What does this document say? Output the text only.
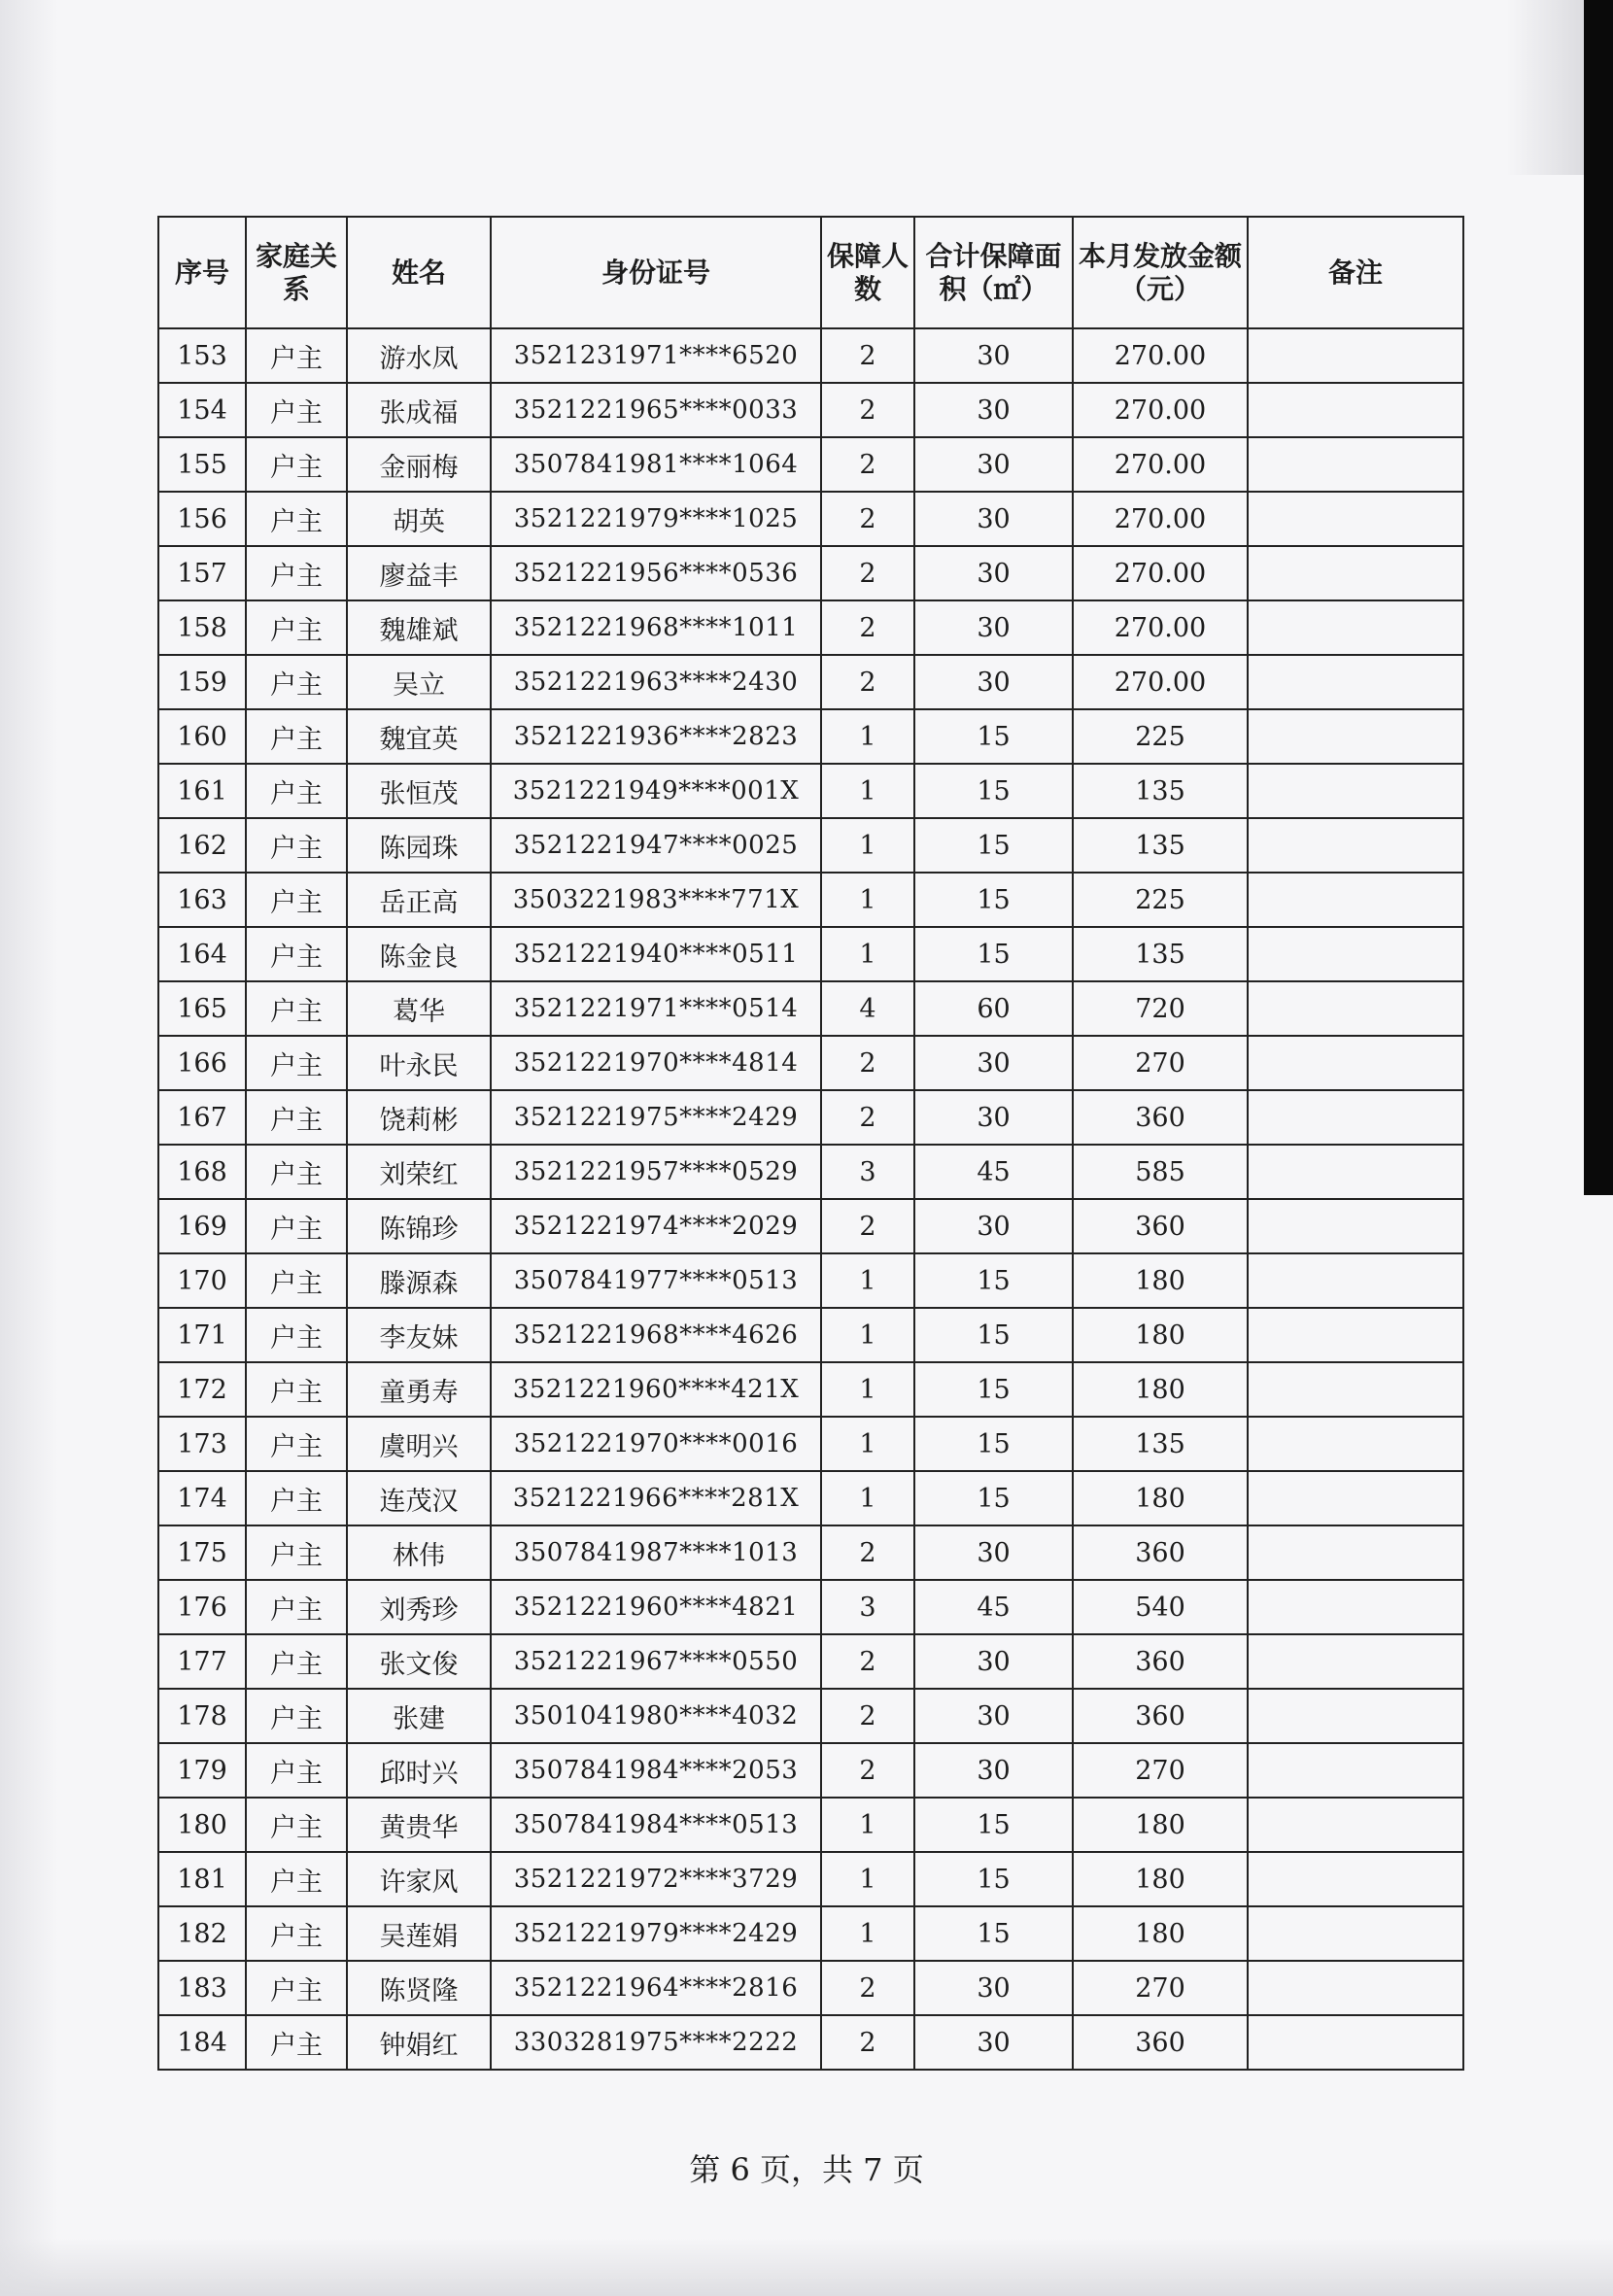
序号	家庭关系	姓名	身份证号	保障人数	合计保障面积（㎡）	本月发放金额（元）	备注
153	户主	游水凤	3521231971****6520	2	30	270.00	
154	户主	张成福	3521221965****0033	2	30	270.00	
155	户主	金丽梅	3507841981****1064	2	30	270.00	
156	户主	胡英	3521221979****1025	2	30	270.00	
157	户主	廖益丰	3521221956****0536	2	30	270.00	
158	户主	魏雄斌	3521221968****1011	2	30	270.00	
159	户主	吴立	3521221963****2430	2	30	270.00	
160	户主	魏宜英	3521221936****2823	1	15	225	
161	户主	张恒茂	3521221949****001X	1	15	135	
162	户主	陈园珠	3521221947****0025	1	15	135	
163	户主	岳正高	3503221983****771X	1	15	225	
164	户主	陈金良	3521221940****0511	1	15	135	
165	户主	葛华	3521221971****0514	4	60	720	
166	户主	叶永民	3521221970****4814	2	30	270	
167	户主	饶莉彬	3521221975****2429	2	30	360	
168	户主	刘荣红	3521221957****0529	3	45	585	
169	户主	陈锦珍	3521221974****2029	2	30	360	
170	户主	滕源森	3507841977****0513	1	15	180	
171	户主	李友妹	3521221968****4626	1	15	180	
172	户主	童勇寿	3521221960****421X	1	15	180	
173	户主	虞明兴	3521221970****0016	1	15	135	
174	户主	连茂汉	3521221966****281X	1	15	180	
175	户主	林伟	3507841987****1013	2	30	360	
176	户主	刘秀珍	3521221960****4821	3	45	540	
177	户主	张文俊	3521221967****0550	2	30	360	
178	户主	张建	3501041980****4032	2	30	360	
179	户主	邱时兴	3507841984****2053	2	30	270	
180	户主	黄贵华	3507841984****0513	1	15	180	
181	户主	许家风	3521221972****3729	1	15	180	
182	户主	吴莲娟	3521221979****2429	1	15	180	
183	户主	陈贤隆	3521221964****2816	2	30	270	
184	户主	钟娟红	3303281975****2222	2	30	360	
第 6 页，共 7 页
